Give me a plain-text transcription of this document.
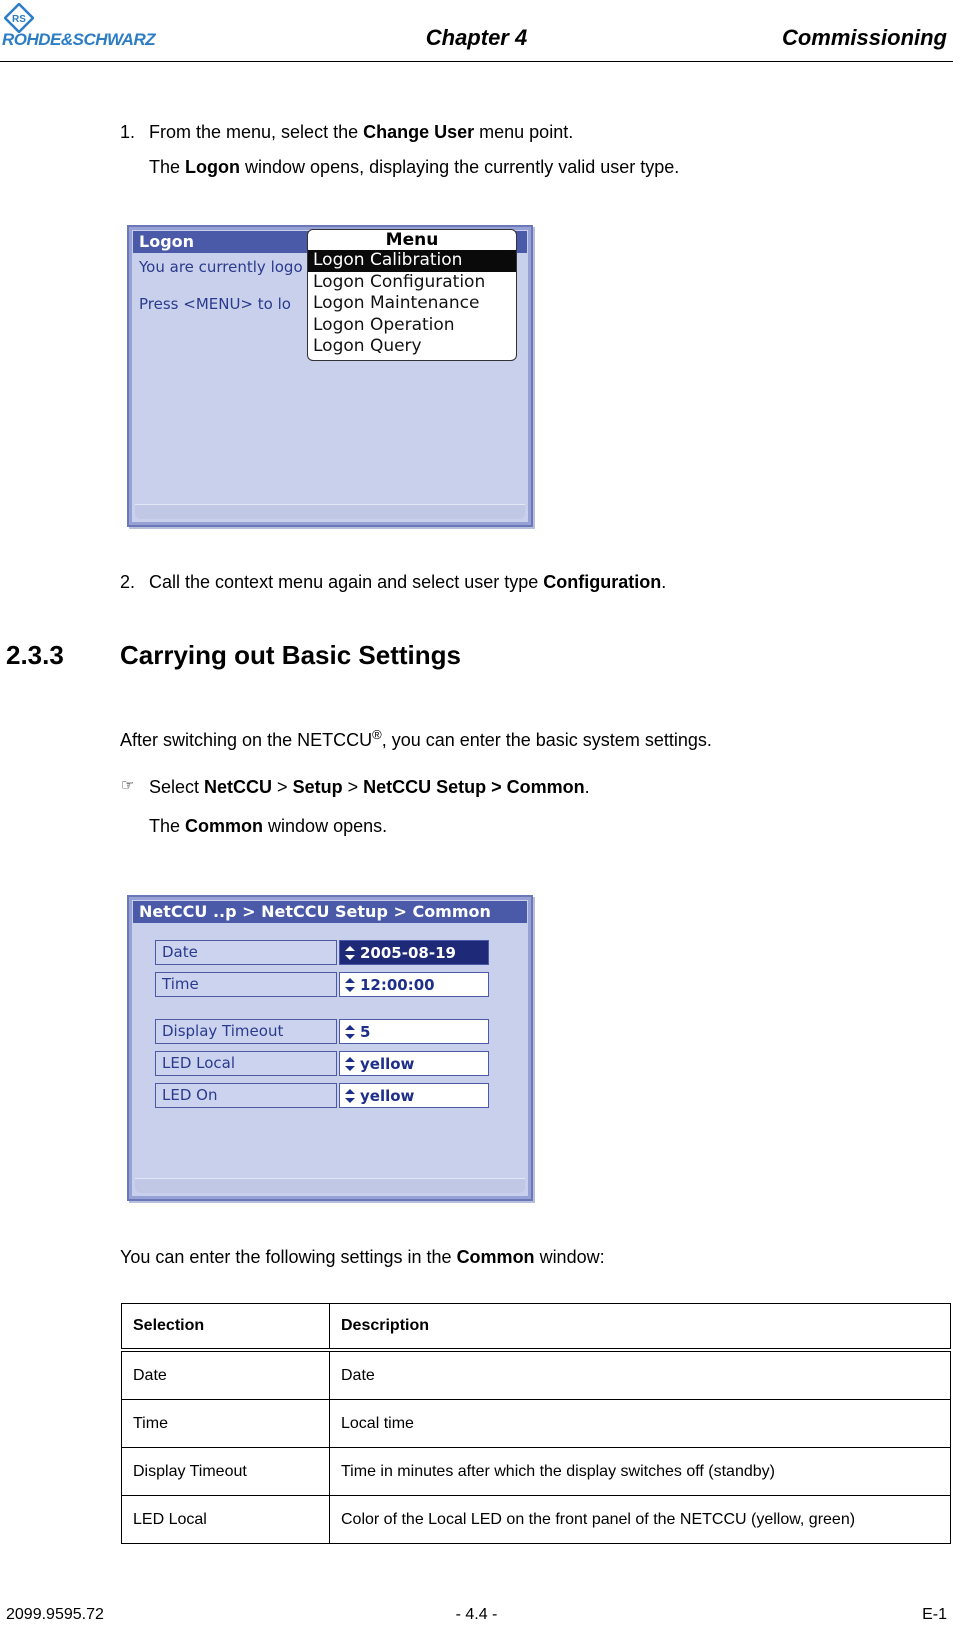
RS
ROHDE&SCHWARZ	Chapter 4	Commissioning

1. From the menu, select the Change User menu point.

The Logon window opens, displaying the currently valid user type.

Logon
You are currently logo
Press <MENU> to lo
Menu
Logon Calibration
Logon Configuration
Logon Maintenance
Logon Operation
Logon Query

2. Call the context menu again and select user type Configuration.

2.3.3 Carrying out Basic Settings

After switching on the NETCCU®, you can enter the basic system settings.

☞ Select NetCCU > Setup > NetCCU Setup > Common.

The Common window opens.

NetCCU ..p > NetCCU Setup > Common
Date	2005-08-19
Time	12:00:00
Display Timeout	5
LED Local	yellow
LED On	yellow

You can enter the following settings in the Common window:

Selection	Description
Date	Date
Time	Local time
Display Timeout	Time in minutes after which the display switches off (standby)
LED Local	Color of the Local LED on the front panel of the NETCCU (yellow, green)
2099.9595.72	- 4.4 -	E-1
